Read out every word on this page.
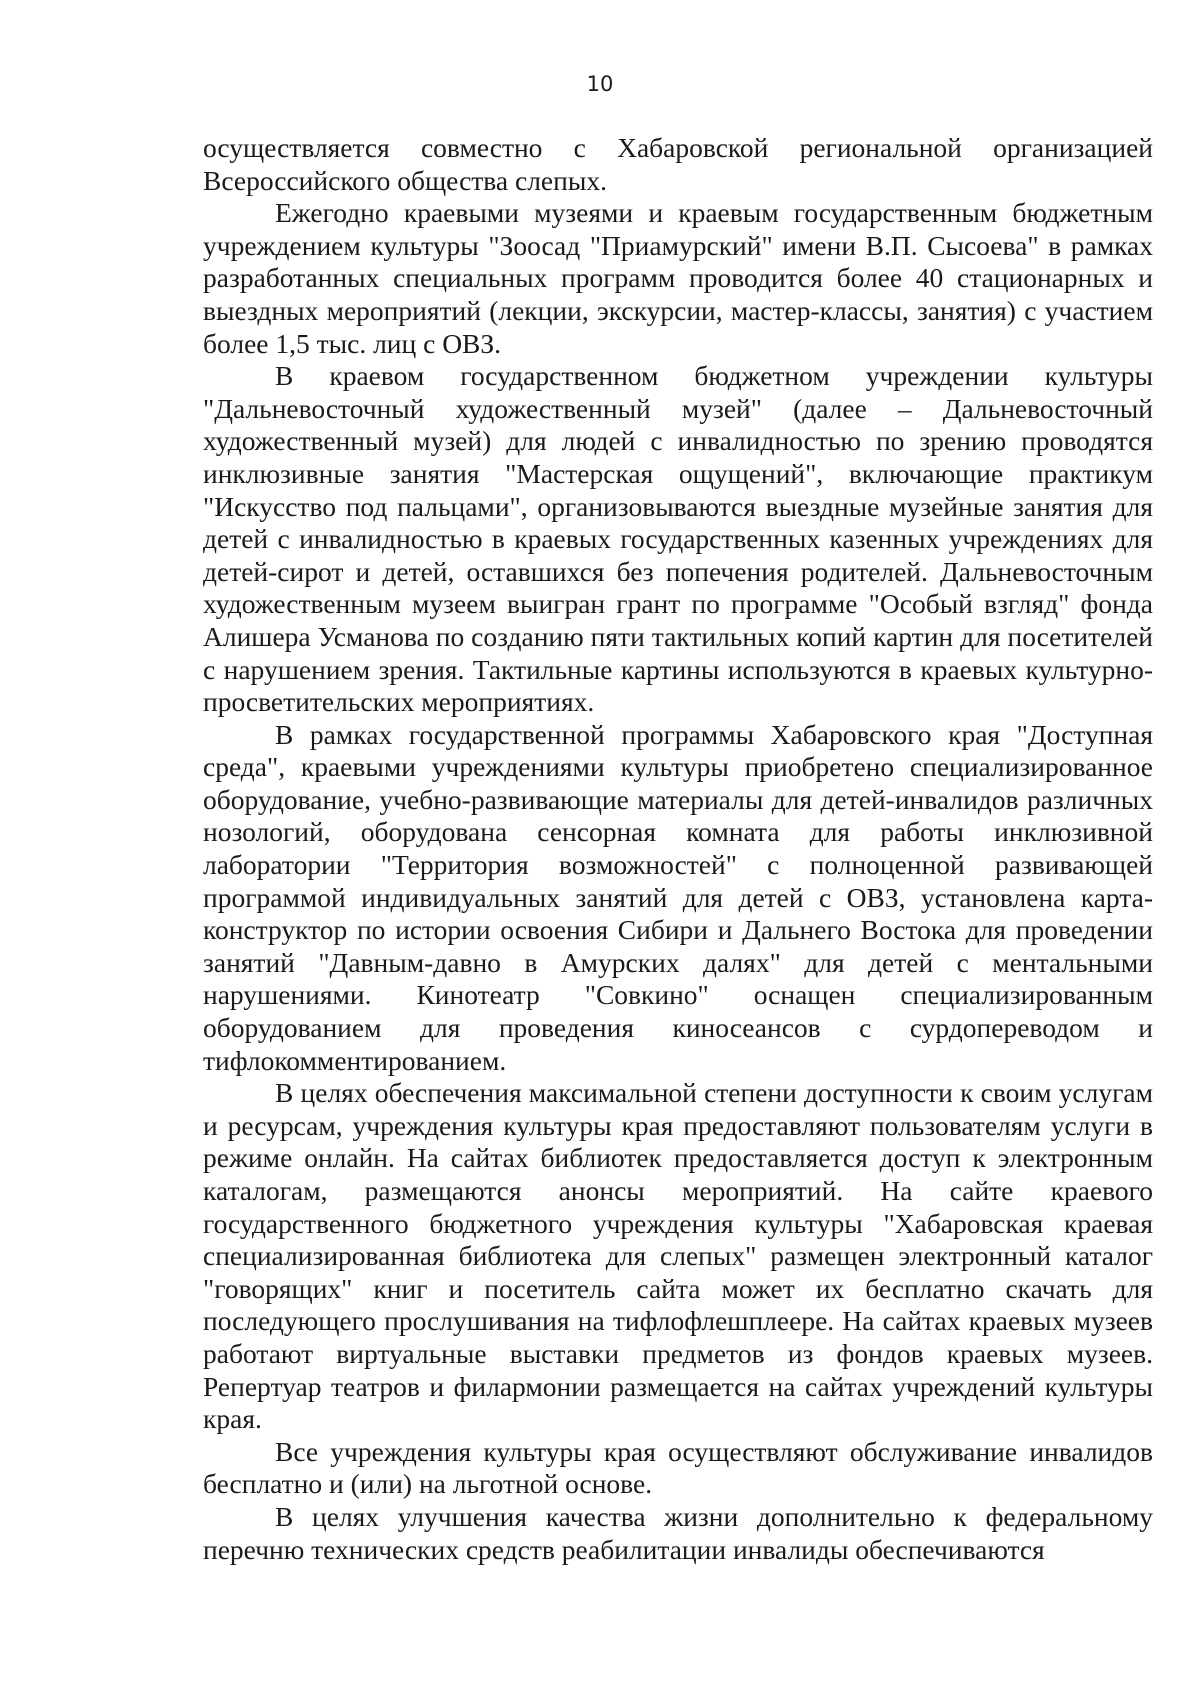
10

осуществляется совместно с Хабаровской региональной организацией Всероссийского общества слепых.

Ежегодно краевыми музеями и краевым государственным бюджетным учреждением культуры "Зоосад "Приамурский" имени В.П. Сысоева" в рамках разработанных специальных программ проводится более 40 стационарных и выездных мероприятий (лекции, экскурсии, мастер-классы, занятия) с участием более 1,5 тыс. лиц с ОВЗ.

В краевом государственном бюджетном учреждении культуры "Дальневосточный художественный музей" (далее – Дальневосточный художественный музей) для людей с инвалидностью по зрению проводятся инклюзивные занятия "Мастерская ощущений", включающие практикум "Искусство под пальцами", организовываются выездные музейные занятия для детей с инвалидностью в краевых государственных казенных учреждениях для детей-сирот и детей, оставшихся без попечения родителей. Дальневосточным художественным музеем выигран грант по программе "Особый взгляд" фонда Алишера Усманова по созданию пяти тактильных копий картин для посетителей с нарушением зрения. Тактильные картины используются в краевых культурно-просветительских мероприятиях.

В рамках государственной программы Хабаровского края "Доступная среда", краевыми учреждениями культуры приобретено специализированное оборудование, учебно-развивающие материалы для детей-инвалидов различных нозологий, оборудована сенсорная комната для работы инклюзивной лаборатории "Территория возможностей" с полноценной развивающей программой индивидуальных занятий для детей с ОВЗ, установлена карта-конструктор по истории освоения Сибири и Дальнего Востока для проведении занятий "Давным-давно в Амурских далях" для детей с ментальными нарушениями. Кинотеатр "Совкино" оснащен специализированным оборудованием для проведения киносеансов с сурдопереводом и тифлокомментированием.

В целях обеспечения максимальной степени доступности к своим услугам и ресурсам, учреждения культуры края предоставляют пользователям услуги в режиме онлайн. На сайтах библиотек предоставляется доступ к электронным каталогам, размещаются анонсы мероприятий. На сайте краевого государственного бюджетного учреждения культуры "Хабаровская краевая специализированная библиотека для слепых" размещен электронный каталог "говорящих" книг и посетитель сайта может их бесплатно скачать для последующего прослушивания на тифлофлешплеере. На сайтах краевых музеев работают виртуальные выставки предметов из фондов краевых музеев. Репертуар театров и филармонии размещается на сайтах учреждений культуры края.

Все учреждения культуры края осуществляют обслуживание инвалидов бесплатно и (или) на льготной основе.

В целях улучшения качества жизни дополнительно к федеральному перечню технических средств реабилитации инвалиды обеспечиваются
